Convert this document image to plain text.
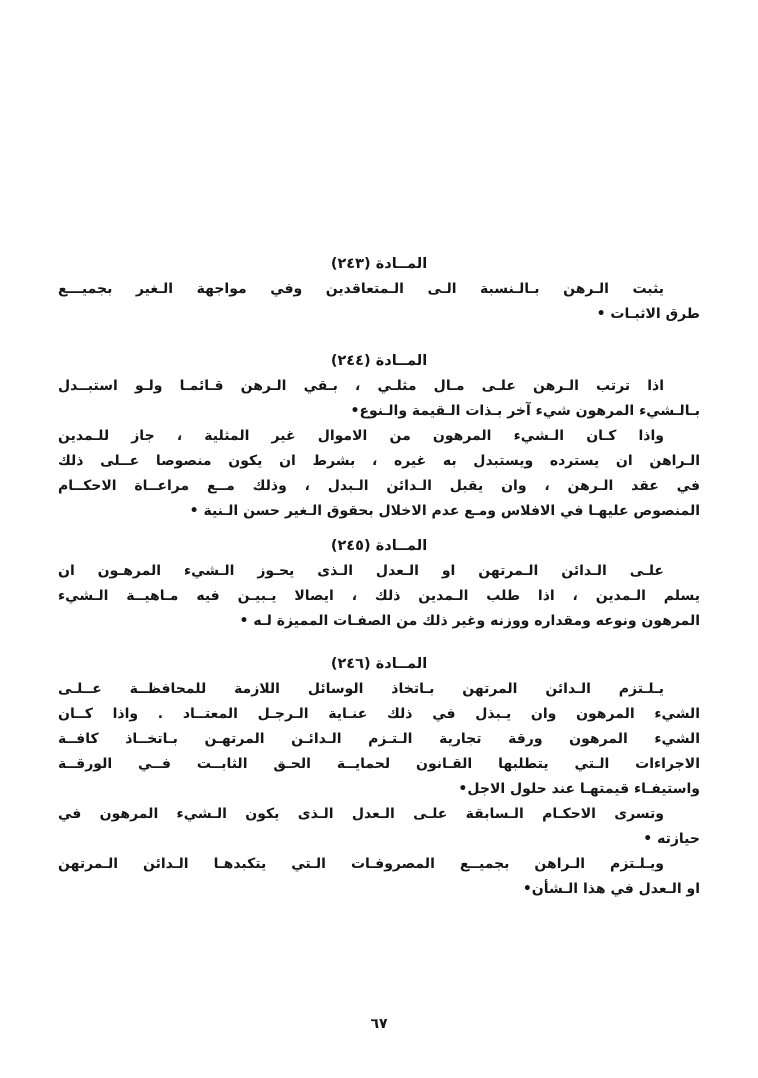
المــادة (٢٤٣)

يثبت الـرهن بـالـنسبة الـى الـمتعاقدين وفي مواجهة الـغير بجميـــع
طرق الاثبـات •

المــادة (٢٤٤)

اذا ترتب الـرهن علـى مـال مثلـي ، بـقي الـرهن قـائمـا ولـو استبــدل
بـالـشيء المرهون شيء آخر بـذات الـقيمة والـنوع•

واذا كـان الـشيء المرهون من الاموال غير المثلية ، جاز للـمدين
الـراهن ان يسترده ويستبدل به غيره ، بشرط ان يكون منصوصا عــلى ذلك
في عقد الـرهن ، وان يقبل الـدائن الـبدل ، وذلك مــع مراعــاة الاحكــام
المنصوص عليهـا في الافلاس ومـع عدم الاخلال بحقوق الـغير حسن الـنية •

المــادة (٢٤٥)

علـى الـدائن الـمرتهن او الـعدل الـذى يحـوز الـشيء المرهـون ان
يسلم الـمدين ، اذا طلب الـمدين ذلك ، ايصالا يـبيـن فيه مـاهيــة الـشيء
المرهون ونوعه ومقداره ووزنه وغير ذلك من الصفـات المميزة لـه •

المــادة (٢٤٦)

يـلـتزم الـدائن المرتهن بـاتخاذ الوسائل اللازمة للمحافظــة عــلـى
الشيء المرهون وان يـبذل في ذلك عنـاية الـرجـل المعتــاد . واذا كــان
الشيء المرهون ورقة تجارية الـتـزم الـدائـن المرتهـن بـاتخــاذ كافــة
الاجراءات الـتي يتطلبها القـانون لحمايــة الحـق الثابــت فــي الورقــة
واستيفـاء قيمتهـا عند حلول الاجل•

وتسرى الاحكـام الـسابقة علـى الـعدل الـذى يكون الـشيء المرهون في
حيازته •

ويـلـتزم الـراهن بجميــع المصروفـات الـتي يتكبدهـا الـدائن الـمرتهن
او الـعدل في هذا الـشأن•

٦٧
